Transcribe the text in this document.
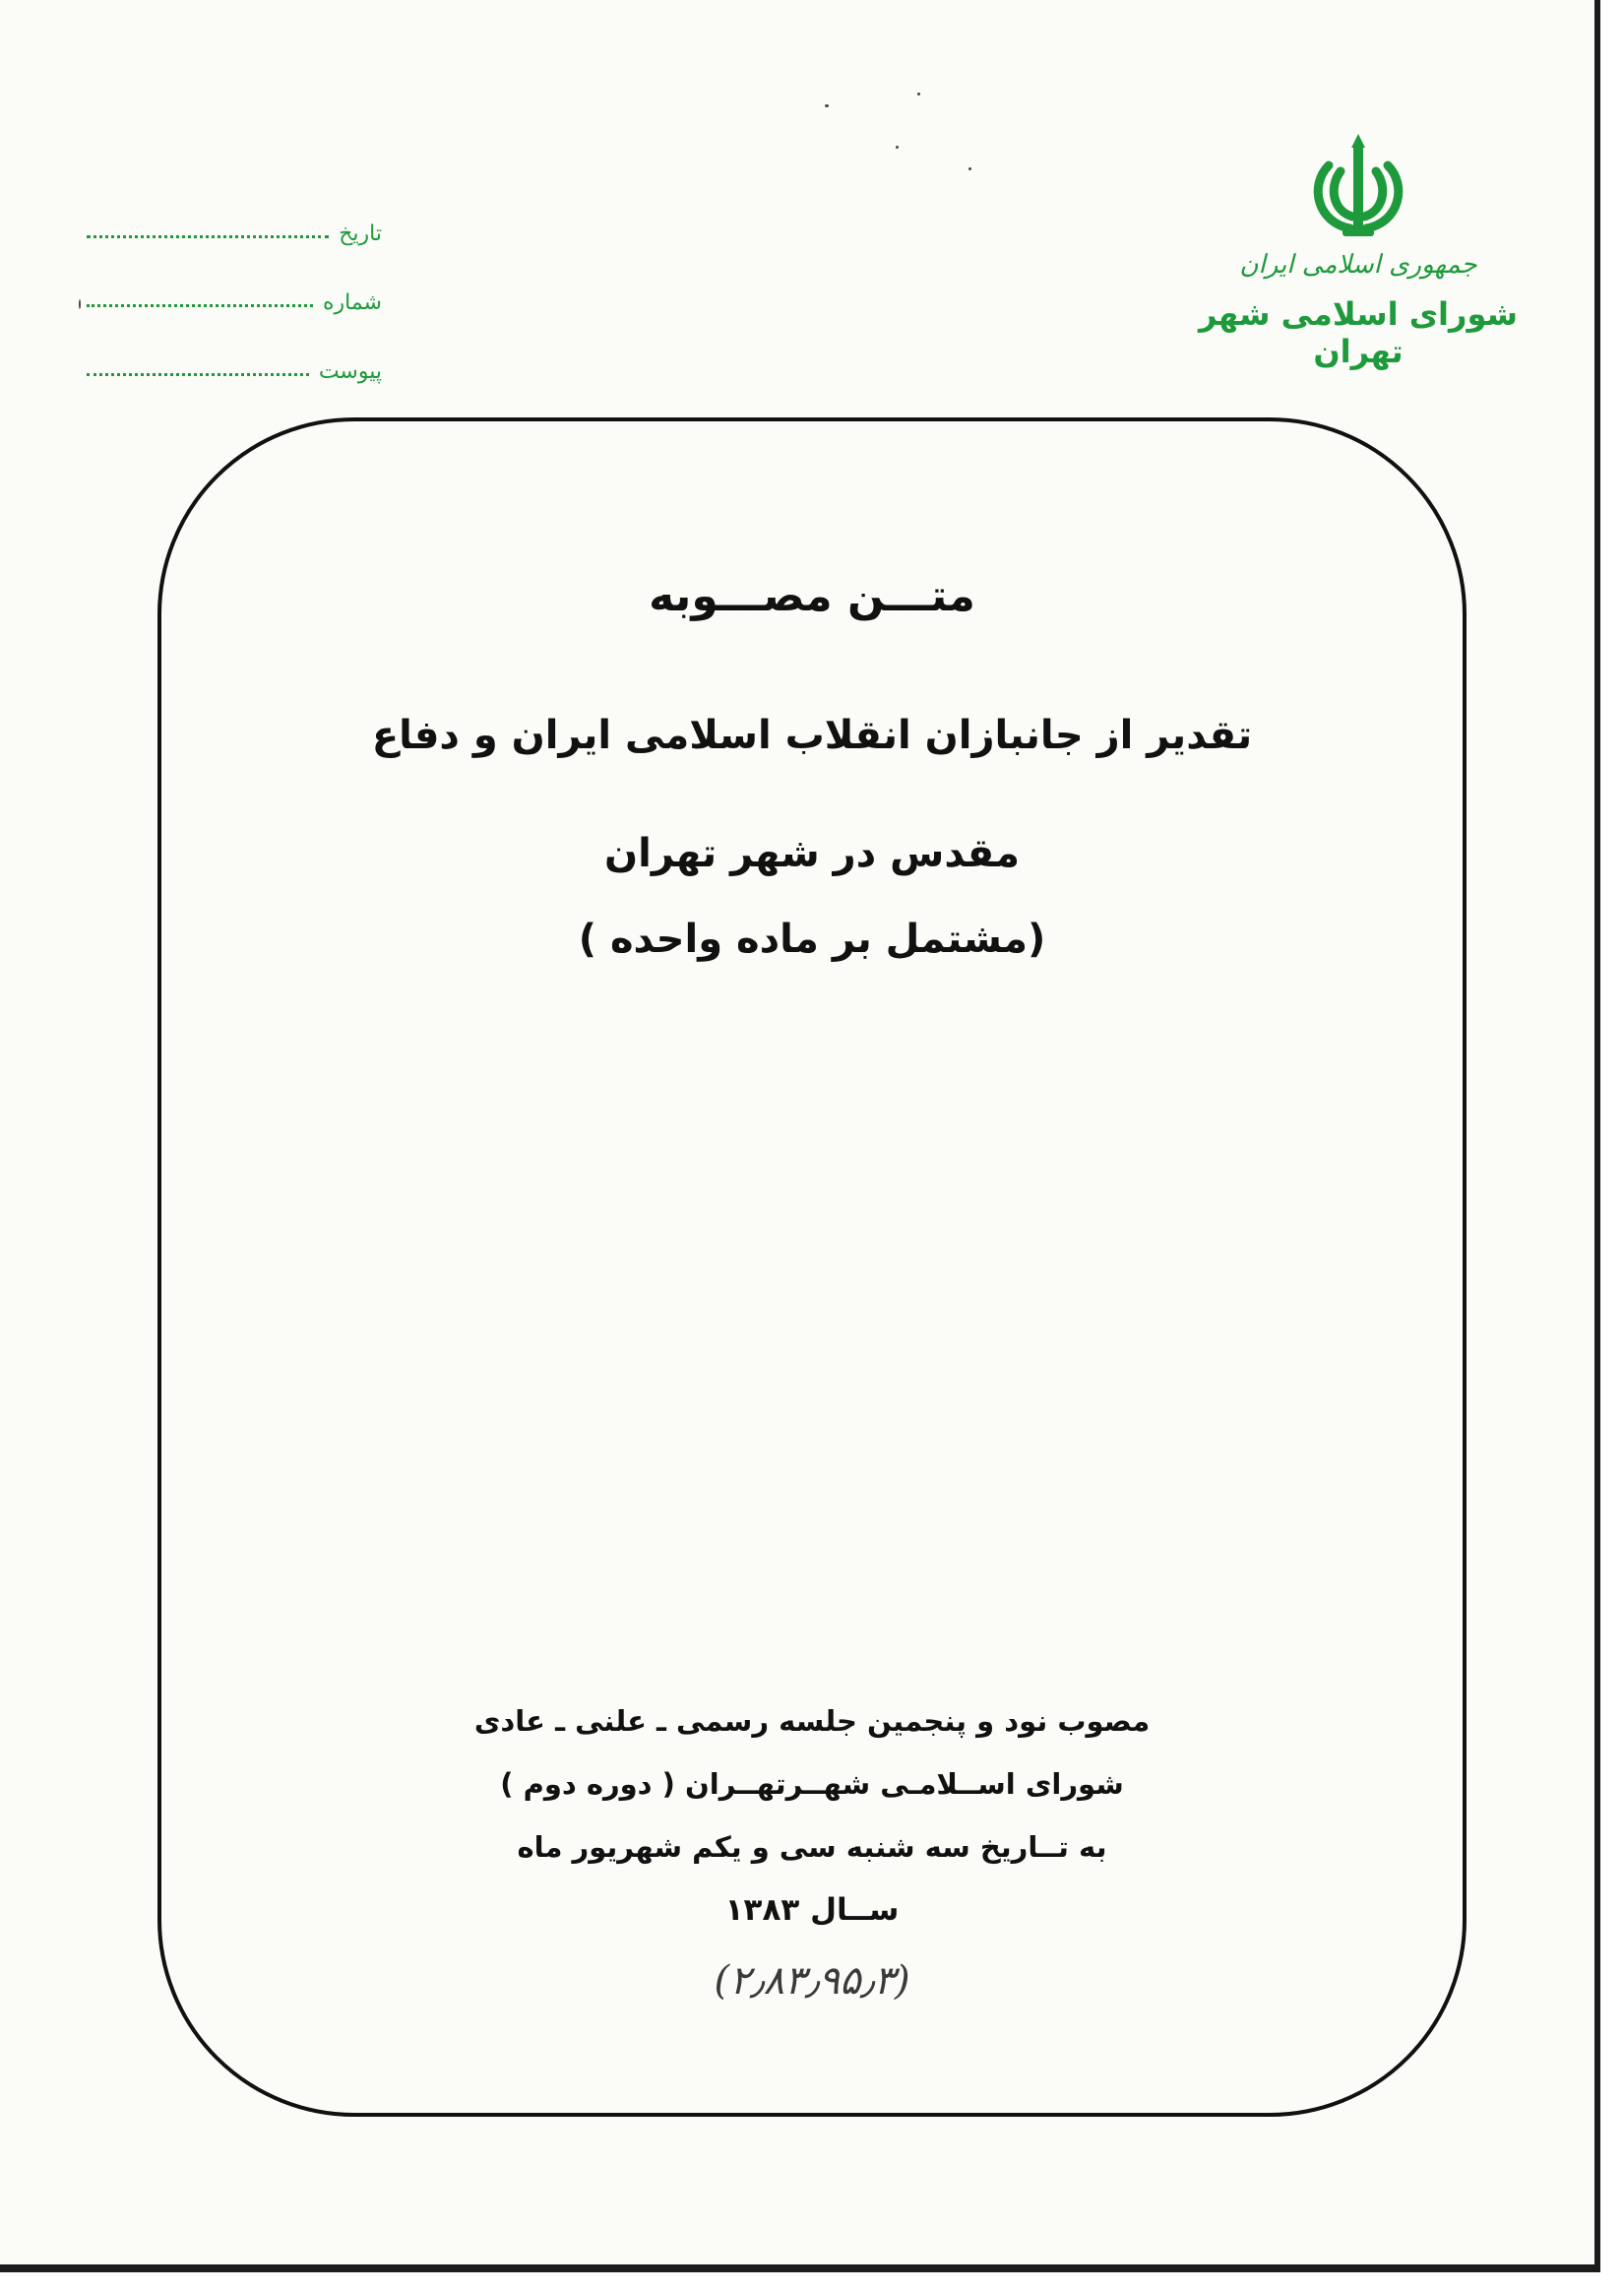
جمهوری اسلامی ایران
شورای اسلامی شهر تهران
تاریخ
شماره
پیوست
متـــن مصـــوبه
تقدیر از جانبازان انقلاب اسلامی ایران و دفاع مقدس در شهر تهران
(مشتمل بر ماده واحده )
مصوب نود و پنجمین جلسه رسمی ـ علنی ـ عادی
شورای اســلامـی شهــرتهــران ( دوره دوم )
به تــاریخ سه شنبه سی و یکم شهریور ماه
ســال ۱۳۸۳
(۲٫۸۳٫۹۵٫۳)
